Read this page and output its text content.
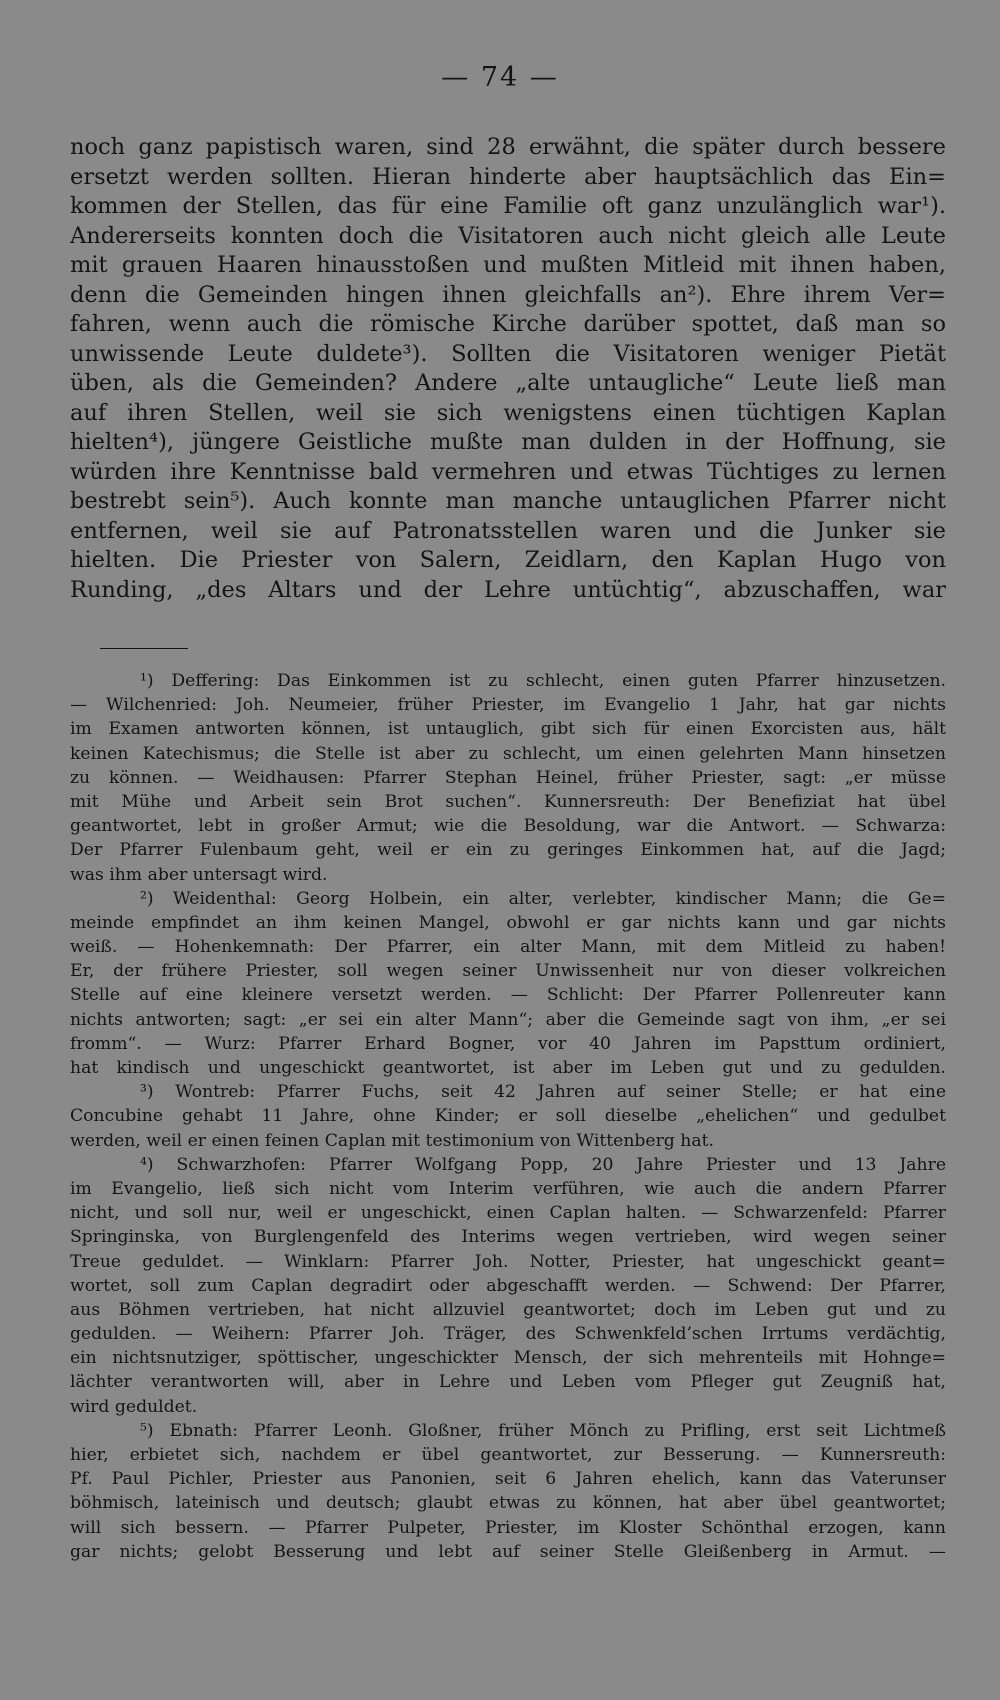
— 74 —
noch ganz papistisch waren, sind 28 erwähnt, die später durch bessere
ersetzt werden sollten. Hieran hinderte aber hauptsächlich das Ein=
kommen der Stellen, das für eine Familie oft ganz unzulänglich war¹).
Andererseits konnten doch die Visitatoren auch nicht gleich alle Leute
mit grauen Haaren hinausstoßen und mußten Mitleid mit ihnen haben,
denn die Gemeinden hingen ihnen gleichfalls an²). Ehre ihrem Ver=
fahren, wenn auch die römische Kirche darüber spottet, daß man so
unwissende Leute duldete³). Sollten die Visitatoren weniger Pietät
üben, als die Gemeinden? Andere „alte untaugliche“ Leute ließ man
auf ihren Stellen, weil sie sich wenigstens einen tüchtigen Kaplan
hielten⁴), jüngere Geistliche mußte man dulden in der Hoffnung, sie
würden ihre Kenntnisse bald vermehren und etwas Tüchtiges zu lernen
bestrebt sein⁵). Auch konnte man manche untauglichen Pfarrer nicht
entfernen, weil sie auf Patronatsstellen waren und die Junker sie
hielten. Die Priester von Salern, Zeidlarn, den Kaplan Hugo von
Runding, „des Altars und der Lehre untüchtig“, abzuschaffen, war
¹) Deffering: Das Einkommen ist zu schlecht, einen guten Pfarrer hinzusetzen.
— Wilchenried: Joh. Neumeier, früher Priester, im Evangelio 1 Jahr, hat gar nichts
im Examen antworten können, ist untauglich, gibt sich für einen Exorcisten aus, hält
keinen Katechismus; die Stelle ist aber zu schlecht, um einen gelehrten Mann hinsetzen
zu können. — Weidhausen: Pfarrer Stephan Heinel, früher Priester, sagt: „er müsse
mit Mühe und Arbeit sein Brot suchen“. Kunnersreuth: Der Benefiziat hat übel
geantwortet, lebt in großer Armut; wie die Besoldung, war die Antwort. — Schwarza:
Der Pfarrer Fulenbaum geht, weil er ein zu geringes Einkommen hat, auf die Jagd;
was ihm aber untersagt wird.
²) Weidenthal: Georg Holbein, ein alter, verlebter, kindischer Mann; die Ge=
meinde empfindet an ihm keinen Mangel, obwohl er gar nichts kann und gar nichts
weiß. — Hohenkemnath: Der Pfarrer, ein alter Mann, mit dem Mitleid zu haben!
Er, der frühere Priester, soll wegen seiner Unwissenheit nur von dieser volkreichen
Stelle auf eine kleinere versetzt werden. — Schlicht: Der Pfarrer Pollenreuter kann
nichts antworten; sagt: „er sei ein alter Mann“; aber die Gemeinde sagt von ihm, „er sei
fromm“. — Wurz: Pfarrer Erhard Bogner, vor 40 Jahren im Papsttum ordiniert,
hat kindisch und ungeschickt geantwortet, ist aber im Leben gut und zu gedulden.
³) Wontreb: Pfarrer Fuchs, seit 42 Jahren auf seiner Stelle; er hat eine
Concubine gehabt 11 Jahre, ohne Kinder; er soll dieselbe „ehelichen“ und gedulbet
werden, weil er einen feinen Caplan mit testimonium von Wittenberg hat.
⁴) Schwarzhofen: Pfarrer Wolfgang Popp, 20 Jahre Priester und 13 Jahre
im Evangelio, ließ sich nicht vom Interim verführen, wie auch die andern Pfarrer
nicht, und soll nur, weil er ungeschickt, einen Caplan halten. — Schwarzenfeld: Pfarrer
Springinska, von Burglengenfeld des Interims wegen vertrieben, wird wegen seiner
Treue geduldet. — Winklarn: Pfarrer Joh. Notter, Priester, hat ungeschickt geant=
wortet, soll zum Caplan degradirt oder abgeschafft werden. — Schwend: Der Pfarrer,
aus Böhmen vertrieben, hat nicht allzuviel geantwortet; doch im Leben gut und zu
gedulden. — Weihern: Pfarrer Joh. Träger, des Schwenkfeld’schen Irrtums verdächtig,
ein nichtsnutziger, spöttischer, ungeschickter Mensch, der sich mehrenteils mit Hohnge=
lächter verantworten will, aber in Lehre und Leben vom Pfleger gut Zeugniß hat,
wird geduldet.
⁵) Ebnath: Pfarrer Leonh. Gloßner, früher Mönch zu Prifling, erst seit Lichtmeß
hier, erbietet sich, nachdem er übel geantwortet, zur Besserung. — Kunnersreuth:
Pf. Paul Pichler, Priester aus Panonien, seit 6 Jahren ehelich, kann das Vaterunser
böhmisch, lateinisch und deutsch; glaubt etwas zu können, hat aber übel geantwortet;
will sich bessern. — Pfarrer Pulpeter, Priester, im Kloster Schönthal erzogen, kann
gar nichts; gelobt Besserung und lebt auf seiner Stelle Gleißenberg in Armut. —
